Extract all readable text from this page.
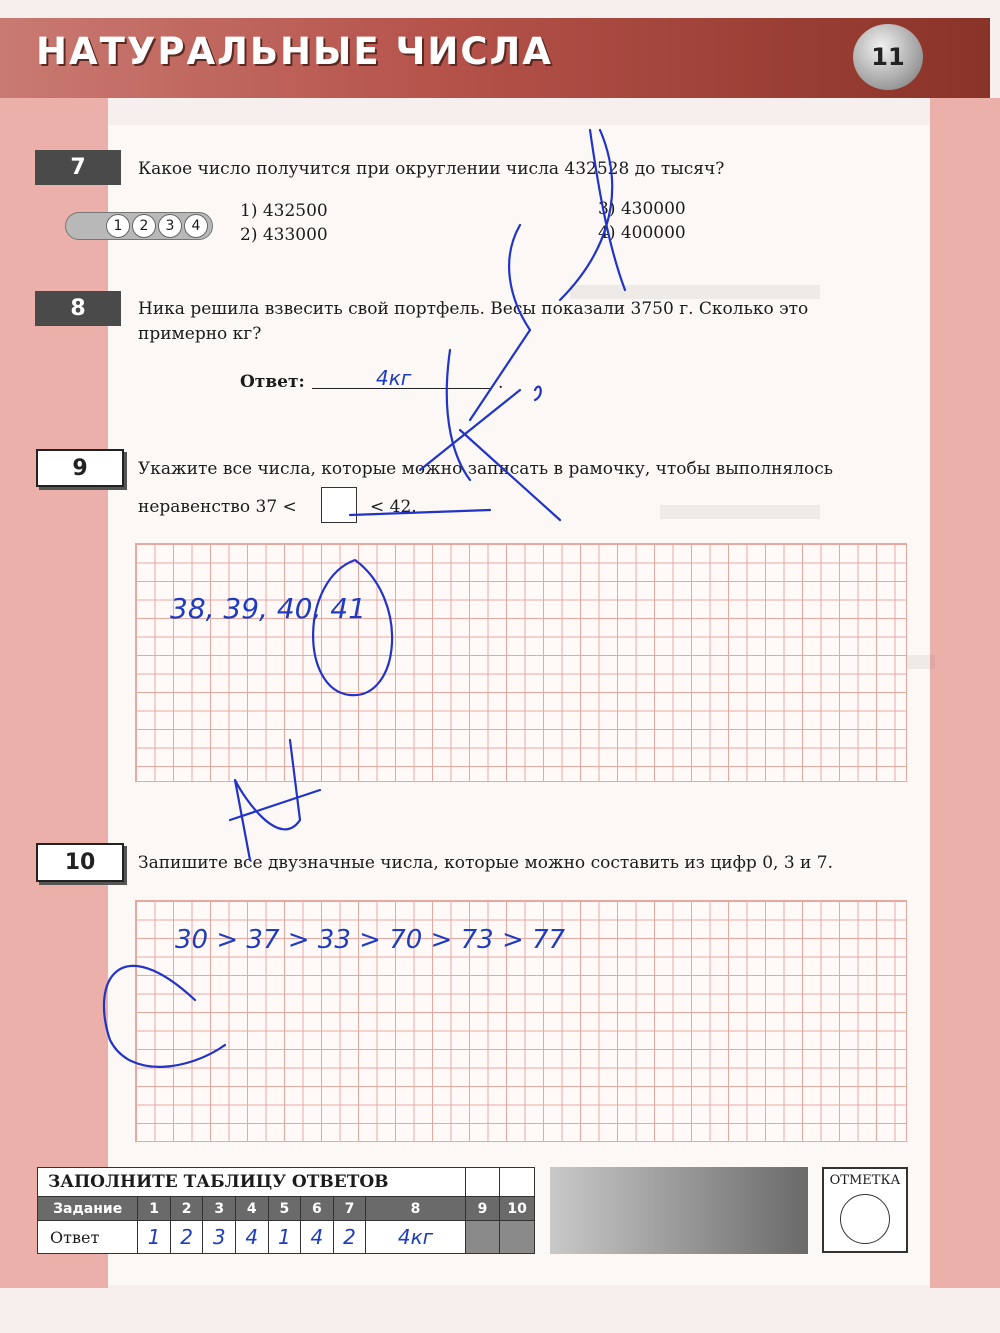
НАТУРАЛЬНЫЕ ЧИСЛА	11
7	Какое число получится при округлении числа 432528 до тысяч?
1	2	3	4
1) 432500
2) 433000
3) 430000
4) 400000
8	Ника решила взвесить свой портфель. Весы показали 3750 г. Сколько это
примерно кг?
Ответ:	4кг	.
9	Укажите все числа, которые можно записать в рамочку, чтобы выполнялось
неравенство 37 <	< 42.
38, 39, 40, 41
10	Запишите все двузначные числа, которые можно составить из цифр 0, 3 и 7.
30 > 37 > 33 > 70 > 73 > 77
ЗАПОЛНИТЕ ТАБЛИЦУ ОТВЕТОВ										
Задание	1	2	3	4	5	6	7	8	9	10
Ответ	1	2	3	4	1	4	2	4кг		
ОТМЕТКА
